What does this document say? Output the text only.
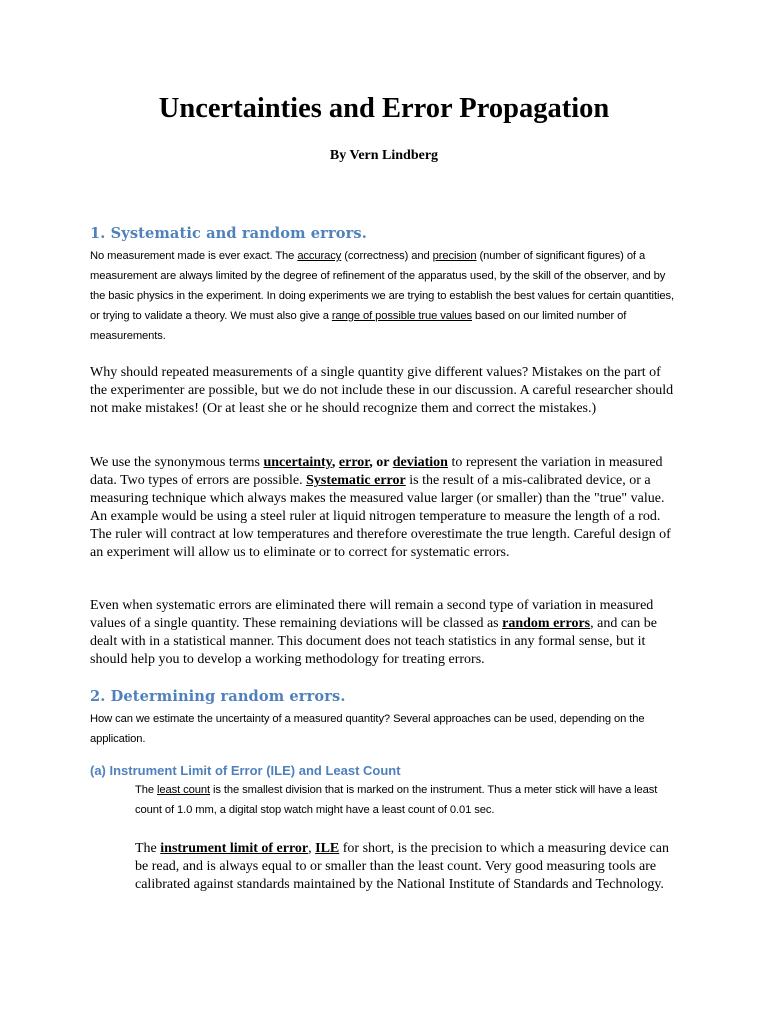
Uncertainties and Error Propagation
By Vern Lindberg
1. Systematic and random errors.
No measurement made is ever exact. The accuracy (correctness) and precision (number of significant figures) of a measurement are always limited by the degree of refinement of the apparatus used, by the skill of the observer, and by the basic physics in the experiment. In doing experiments we are trying to establish the best values for certain quantities, or trying to validate a theory. We must also give a range of possible true values based on our limited number of measurements.
Why should repeated measurements of a single quantity give different values? Mistakes on the part of the experimenter are possible, but we do not include these in our discussion. A careful researcher should not make mistakes! (Or at least she or he should recognize them and correct the mistakes.)
We use the synonymous terms uncertainty, error, or deviation to represent the variation in measured data. Two types of errors are possible. Systematic error is the result of a mis-calibrated device, or a measuring technique which always makes the measured value larger (or smaller) than the "true" value. An example would be using a steel ruler at liquid nitrogen temperature to measure the length of a rod. The ruler will contract at low temperatures and therefore overestimate the true length. Careful design of an experiment will allow us to eliminate or to correct for systematic errors.
Even when systematic errors are eliminated there will remain a second type of variation in measured values of a single quantity. These remaining deviations will be classed as random errors, and can be dealt with in a statistical manner. This document does not teach statistics in any formal sense, but it should help you to develop a working methodology for treating errors.
2. Determining random errors.
How can we estimate the uncertainty of a measured quantity? Several approaches can be used, depending on the application.
(a) Instrument Limit of Error (ILE) and Least Count
The least count is the smallest division that is marked on the instrument. Thus a meter stick will have a least count of 1.0 mm, a digital stop watch might have a least count of 0.01 sec.
The instrument limit of error, ILE for short, is the precision to which a measuring device can be read, and is always equal to or smaller than the least count. Very good measuring tools are calibrated against standards maintained by the National Institute of Standards and Technology.
